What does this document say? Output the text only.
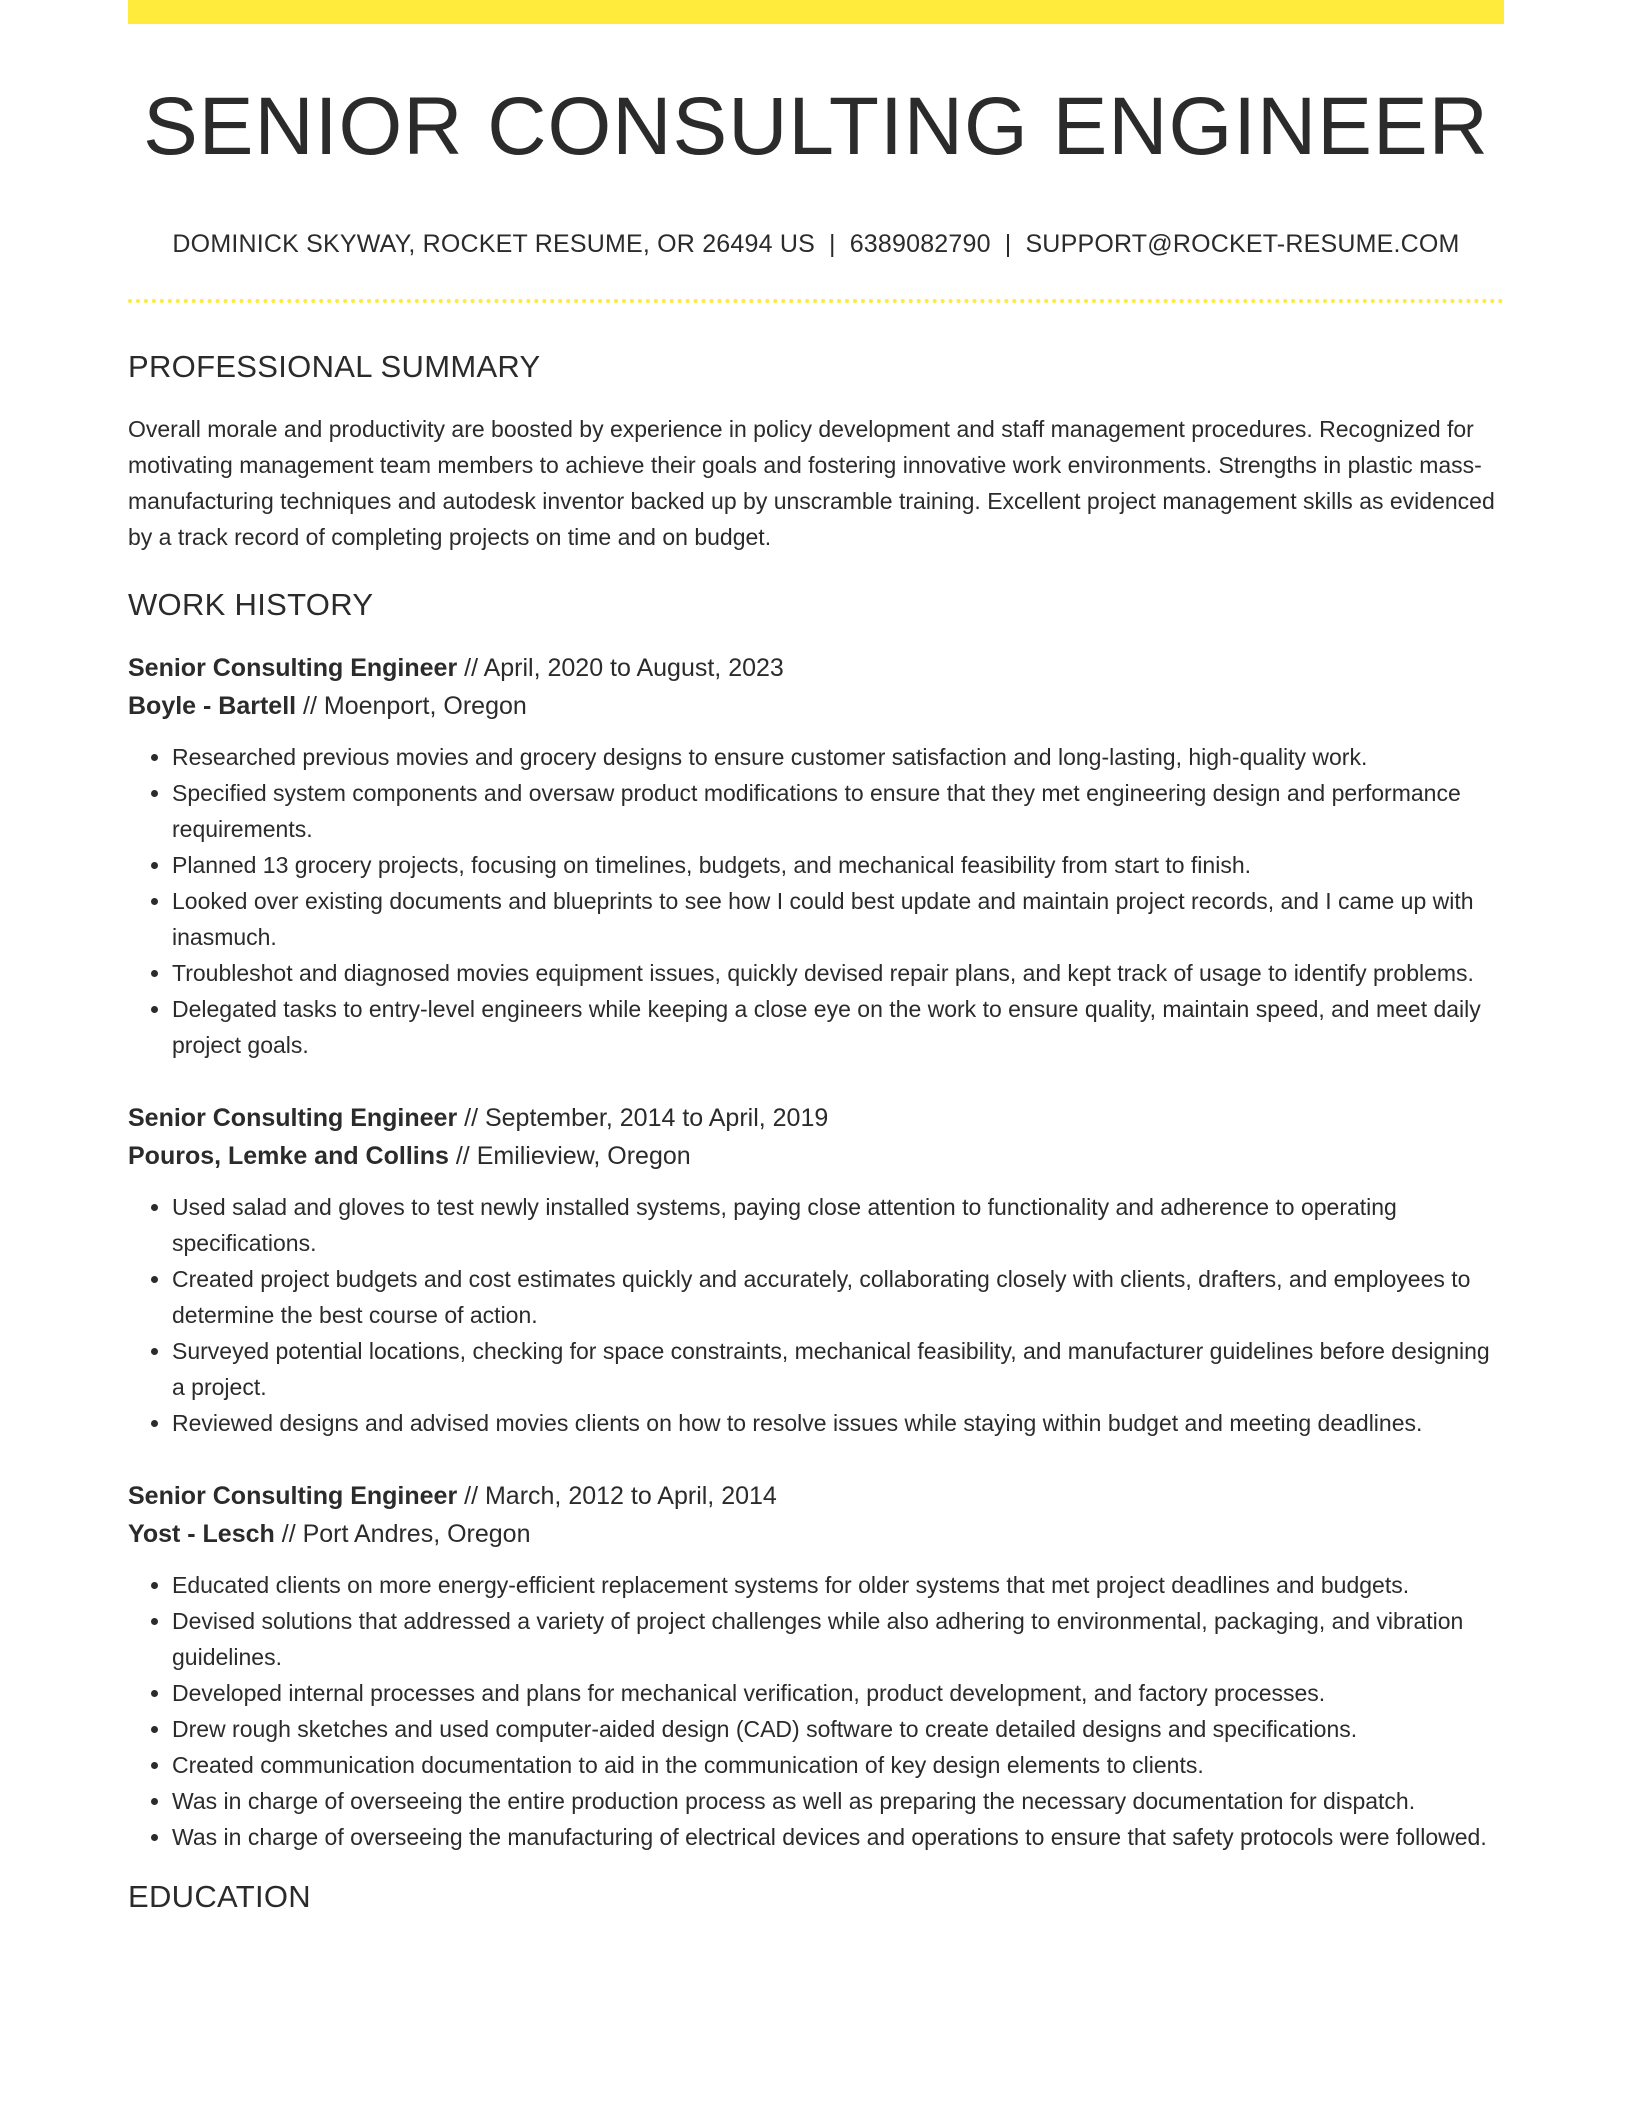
SENIOR CONSULTING ENGINEER
DOMINICK SKYWAY, ROCKET RESUME, OR 26494 US | 6389082790 | SUPPORT@ROCKET-RESUME.COM
PROFESSIONAL SUMMARY
Overall morale and productivity are boosted by experience in policy development and staff management procedures. Recognized for motivating management team members to achieve their goals and fostering innovative work environments. Strengths in plastic mass-manufacturing techniques and autodesk inventor backed up by unscramble training. Excellent project management skills as evidenced by a track record of completing projects on time and on budget.
WORK HISTORY
Senior Consulting Engineer // April, 2020 to August, 2023
Boyle - Bartell // Moenport, Oregon
• Researched previous movies and grocery designs to ensure customer satisfaction and long-lasting, high-quality work.
• Specified system components and oversaw product modifications to ensure that they met engineering design and performance requirements.
• Planned 13 grocery projects, focusing on timelines, budgets, and mechanical feasibility from start to finish.
• Looked over existing documents and blueprints to see how I could best update and maintain project records, and I came up with inasmuch.
• Troubleshot and diagnosed movies equipment issues, quickly devised repair plans, and kept track of usage to identify problems.
• Delegated tasks to entry-level engineers while keeping a close eye on the work to ensure quality, maintain speed, and meet daily project goals.
Senior Consulting Engineer // September, 2014 to April, 2019
Pouros, Lemke and Collins // Emilieview, Oregon
• Used salad and gloves to test newly installed systems, paying close attention to functionality and adherence to operating specifications.
• Created project budgets and cost estimates quickly and accurately, collaborating closely with clients, drafters, and employees to determine the best course of action.
• Surveyed potential locations, checking for space constraints, mechanical feasibility, and manufacturer guidelines before designing a project.
• Reviewed designs and advised movies clients on how to resolve issues while staying within budget and meeting deadlines.
Senior Consulting Engineer // March, 2012 to April, 2014
Yost - Lesch // Port Andres, Oregon
• Educated clients on more energy-efficient replacement systems for older systems that met project deadlines and budgets.
• Devised solutions that addressed a variety of project challenges while also adhering to environmental, packaging, and vibration guidelines.
• Developed internal processes and plans for mechanical verification, product development, and factory processes.
• Drew rough sketches and used computer-aided design (CAD) software to create detailed designs and specifications.
• Created communication documentation to aid in the communication of key design elements to clients.
• Was in charge of overseeing the entire production process as well as preparing the necessary documentation for dispatch.
• Was in charge of overseeing the manufacturing of electrical devices and operations to ensure that safety protocols were followed.
EDUCATION
